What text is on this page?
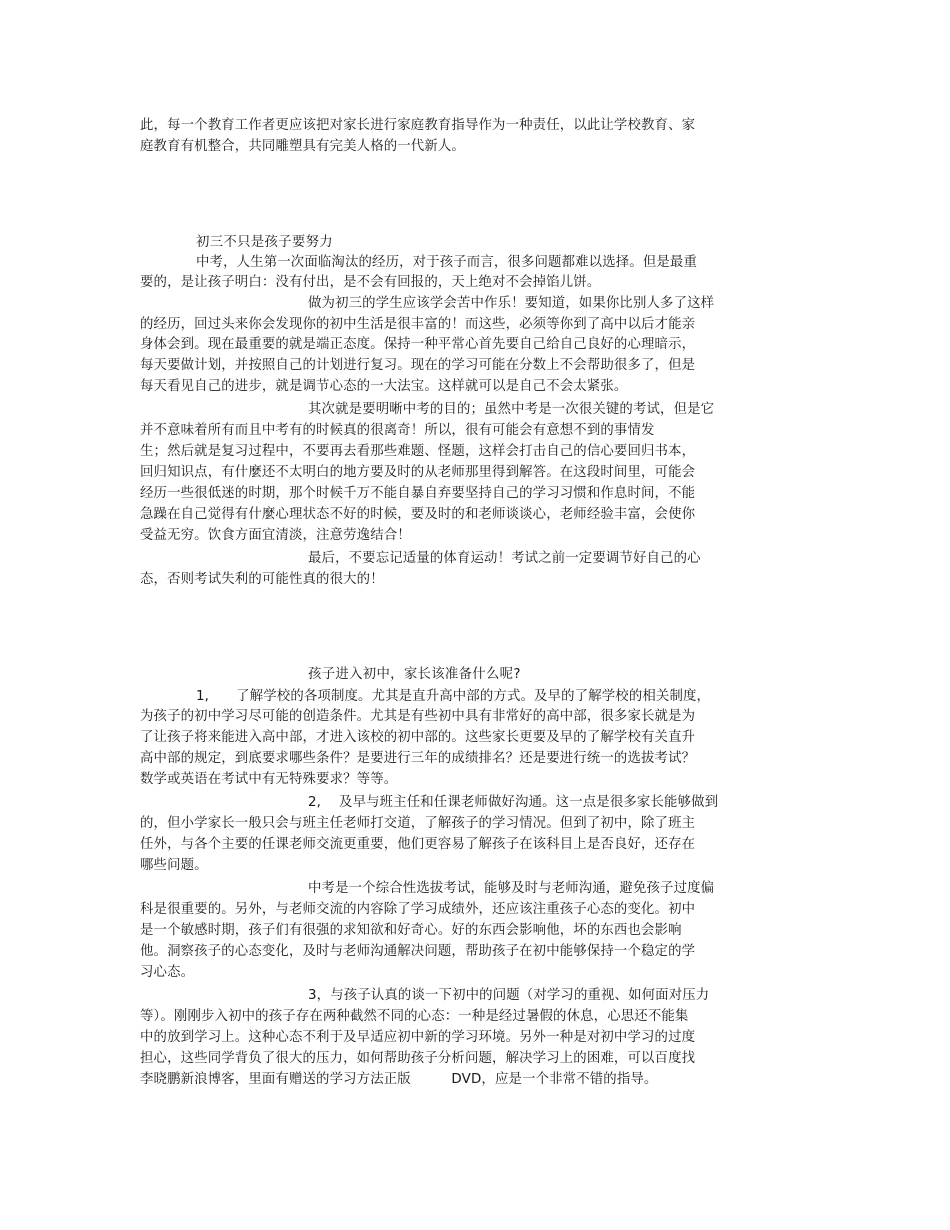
此，每一个教育工作者更应该把对家长进行家庭教育指导作为一种责任，以此让学校教育、家
庭教育有机整合，共同雕塑具有完美人格的一代新人。
初三不只是孩子要努力
中考，人生第一次面临淘汰的经历，对于孩子而言，很多问题都难以选择。但是最重
要的，是让孩子明白：没有付出，是不会有回报的，天上绝对不会掉馅儿饼。
做为初三的学生应该学会苦中作乐！要知道，如果你比别人多了这样
的经历，回过头来你会发现你的初中生活是很丰富的！而这些，必须等你到了高中以后才能亲
身体会到。现在最重要的就是端正态度。保持一种平常心首先要自己给自己良好的心理暗示，
每天要做计划，并按照自己的计划进行复习。现在的学习可能在分数上不会帮助很多了，但是
每天看见自己的进步，就是调节心态的一大法宝。这样就可以是自己不会太紧张。
其次就是要明晰中考的目的；虽然中考是一次很关键的考试，但是它
并不意味着所有而且中考有的时候真的很离奇！所以，很有可能会有意想不到的事情发
生；然后就是复习过程中，不要再去看那些难题、怪题，这样会打击自己的信心要回归书本，
回归知识点，有什麼还不太明白的地方要及时的从老师那里得到解答。在这段时间里，可能会
经历一些很低迷的时期，那个时候千万不能自暴自弃要坚持自己的学习习惯和作息时间，不能
急躁在自己觉得有什麼心理状态不好的时候，要及时的和老师谈谈心，老师经验丰富，会使你
受益无穷。饮食方面宜清淡，注意劳逸结合！
最后，不要忘记适量的体育运动！考试之前一定要调节好自己的心
态，否则考试失利的可能性真的很大的！
孩子进入初中，家长该准备什么呢?
1,　　了解学校的各项制度。尤其是直升高中部的方式。及早的了解学校的相关制度，
为孩子的初中学习尽可能的创造条件。尤其是有些初中具有非常好的高中部，很多家长就是为
了让孩子将来能进入高中部，才进入该校的初中部的。这些家长更要及早的了解学校有关直升
高中部的规定，到底要求哪些条件？是要进行三年的成绩排名？还是要进行统一的选拔考试？
数学或英语在考试中有无特殊要求？等等。
2,　 及早与班主任和任课老师做好沟通。这一点是很多家长能够做到
的，但小学家长一般只会与班主任老师打交道，了解孩子的学习情况。但到了初中，除了班主
任外，与各个主要的任课老师交流更重要，他们更容易了解孩子在该科目上是否良好，还存在
哪些问题。
中考是一个综合性选拔考试，能够及时与老师沟通，避免孩子过度偏
科是很重要的。另外，与老师交流的内容除了学习成绩外，还应该注重孩子心态的变化。初中
是一个敏感时期，孩子们有很强的求知欲和好奇心。好的东西会影响他，坏的东西也会影响
他。洞察孩子的心态变化，及时与老师沟通解决问题，帮助孩子在初中能够保持一个稳定的学
习心态。
3，与孩子认真的谈一下初中的问题（对学习的重视、如何面对压力
等）。刚刚步入初中的孩子存在两种截然不同的心态：一种是经过暑假的休息，心思还不能集
中的放到学习上。这种心态不利于及早适应初中新的学习环境。另外一种是对初中学习的过度
担心，这些同学背负了很大的压力，如何帮助孩子分析问题，解决学习上的困难，可以百度找
李晓鹏新浪博客，里面有赠送的学习方法正版　　　DVD，应是一个非常不错的指导。
